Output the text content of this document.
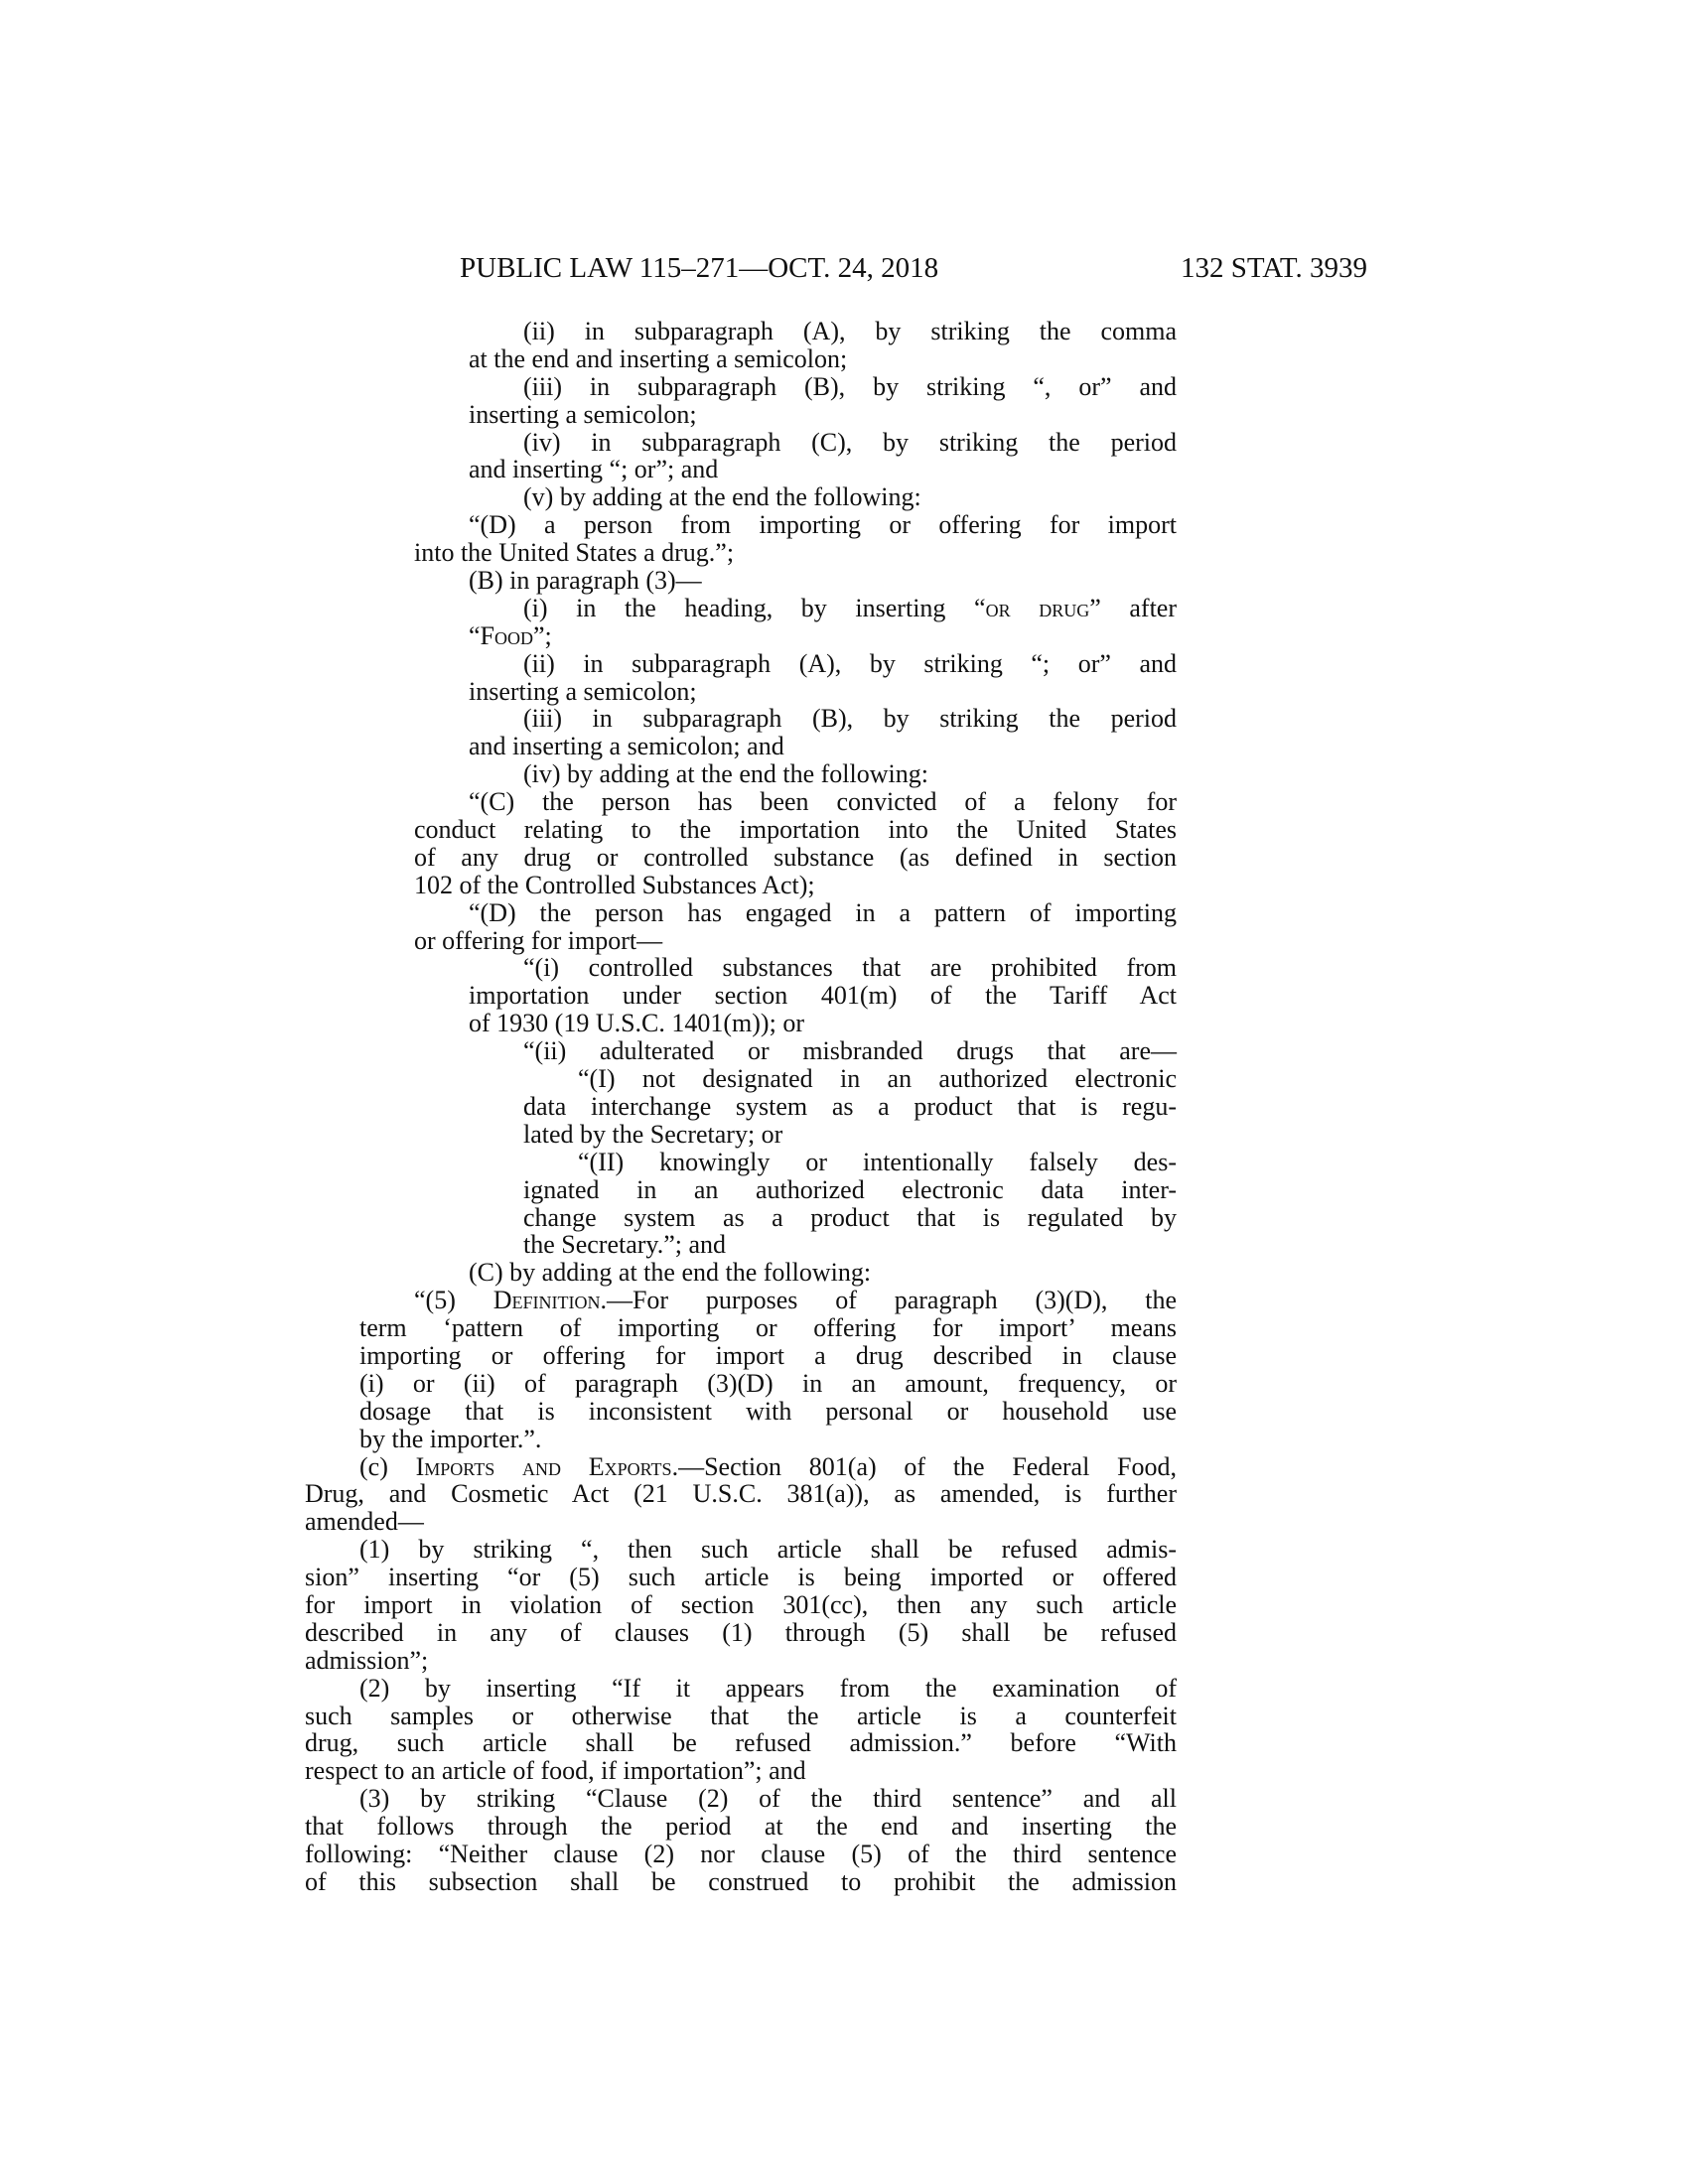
PUBLIC LAW 115–271—OCT. 24, 2018	132 STAT. 3939
(ii) in subparagraph (A), by striking the comma
at the end and inserting a semicolon;
(iii) in subparagraph (B), by striking “, or” and
inserting a semicolon;
(iv) in subparagraph (C), by striking the period
and inserting “; or”; and
(v) by adding at the end the following:
“(D) a person from importing or offering for import
into the United States a drug.”;
(B) in paragraph (3)—
(i) in the heading, by inserting “or drug” after
“Food”;
(ii) in subparagraph (A), by striking “; or” and
inserting a semicolon;
(iii) in subparagraph (B), by striking the period
and inserting a semicolon; and
(iv) by adding at the end the following:
“(C) the person has been convicted of a felony for
conduct relating to the importation into the United States
of any drug or controlled substance (as defined in section
102 of the Controlled Substances Act);
“(D) the person has engaged in a pattern of importing
or offering for import—
“(i) controlled substances that are prohibited from
importation under section 401(m) of the Tariff Act
of 1930 (19 U.S.C. 1401(m)); or
“(ii) adulterated or misbranded drugs that are—
“(I) not designated in an authorized electronic
data interchange system as a product that is regu-
lated by the Secretary; or
“(II) knowingly or intentionally falsely des-
ignated in an authorized electronic data inter-
change system as a product that is regulated by
the Secretary.”; and
(C) by adding at the end the following:
“(5) Definition.—For purposes of paragraph (3)(D), the
term ‘pattern of importing or offering for import’ means
importing or offering for import a drug described in clause
(i) or (ii) of paragraph (3)(D) in an amount, frequency, or
dosage that is inconsistent with personal or household use
by the importer.”.
(c) Imports and Exports.—Section 801(a) of the Federal Food,
Drug, and Cosmetic Act (21 U.S.C. 381(a)), as amended, is further
amended—
(1) by striking “, then such article shall be refused admis-
sion” inserting “or (5) such article is being imported or offered
for import in violation of section 301(cc), then any such article
described in any of clauses (1) through (5) shall be refused
admission”;
(2) by inserting “If it appears from the examination of
such samples or otherwise that the article is a counterfeit
drug, such article shall be refused admission.” before “With
respect to an article of food, if importation”; and
(3) by striking “Clause (2) of the third sentence” and all
that follows through the period at the end and inserting the
following: “Neither clause (2) nor clause (5) of the third sentence
of this subsection shall be construed to prohibit the admission
